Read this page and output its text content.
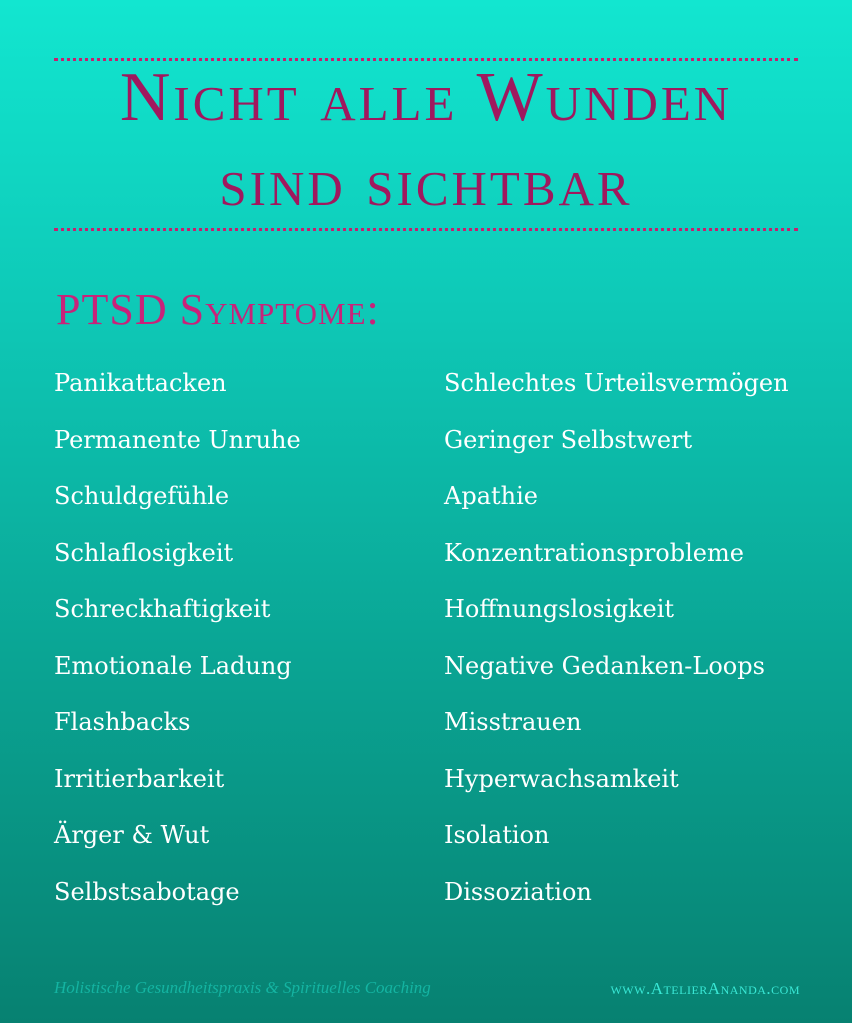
Nicht alle Wunden
sind sichtbar
PTSD Symptome:
Panikattacken
Permanente Unruhe
Schuldgefühle
Schlaflosigkeit
Schreckhaftigkeit
Emotionale Ladung
Flashbacks
Irritierbarkeit
Ärger & Wut
Selbstsabotage
Schlechtes Urteilsvermögen
Geringer Selbstwert
Apathie
Konzentrationsprobleme
Hoffnungslosigkeit
Negative Gedanken-Loops
Misstrauen
Hyperwachsamkeit
Isolation
Dissoziation
Holistische Gesundheitspraxis & Spirituelles Coaching	www.AtelierAnanda.com
